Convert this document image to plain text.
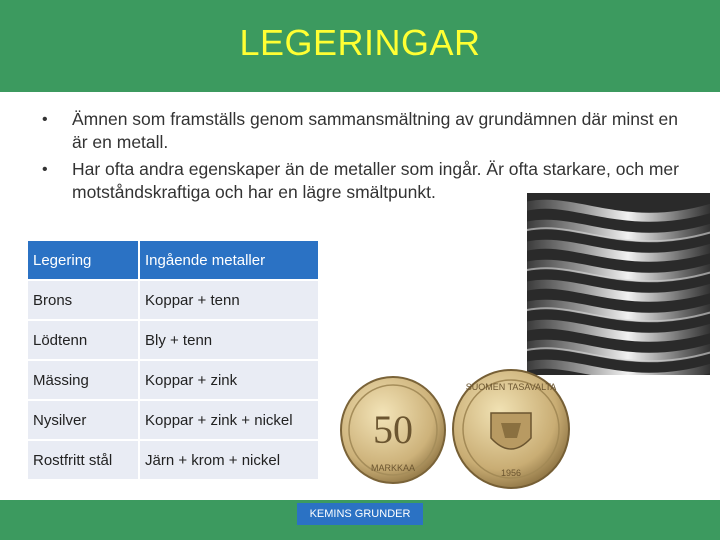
LEGERINGAR
• Ämnen som framställs genom sammansmältning av grundämnen där minst en är en metall.
• Har ofta andra egenskaper än de metaller som ingår. Är ofta starkare, och mer motståndskraftiga och har en lägre smältpunkt.
Legering	Ingående metaller
Brons	Koppar + tenn
Lödtenn	Bly + tenn
Mässing	Koppar + zink
Nysilver	Koppar + zink + nickel
Rostfritt stål	Järn + krom + nickel
50
MARKKAA
SUOMEN TASAVALTA
1956
KEMINS GRUNDER
